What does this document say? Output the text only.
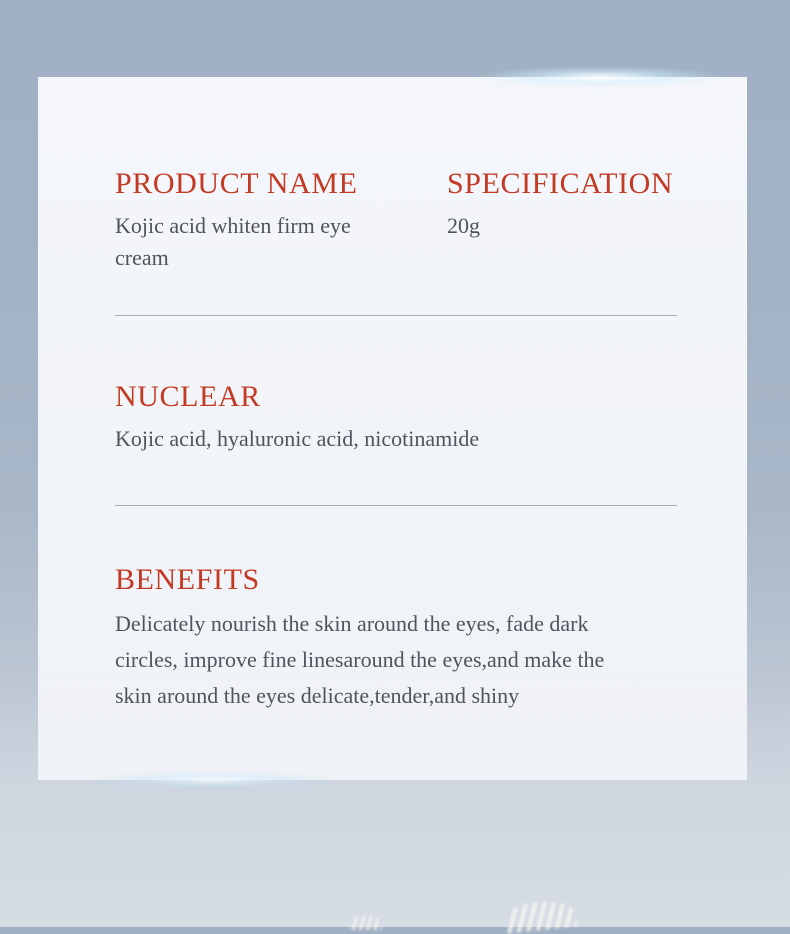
PRODUCT NAME

Kojic acid whiten firm eye cream

SPECIFICATION

20g

NUCLEAR

Kojic acid, hyaluronic acid, nicotinamide

BENEFITS
Delicately nourish the skin around the eyes, fade dark
circles, improve fine linesaround the eyes,and make the
skin around the eyes delicate,tender,and shiny
